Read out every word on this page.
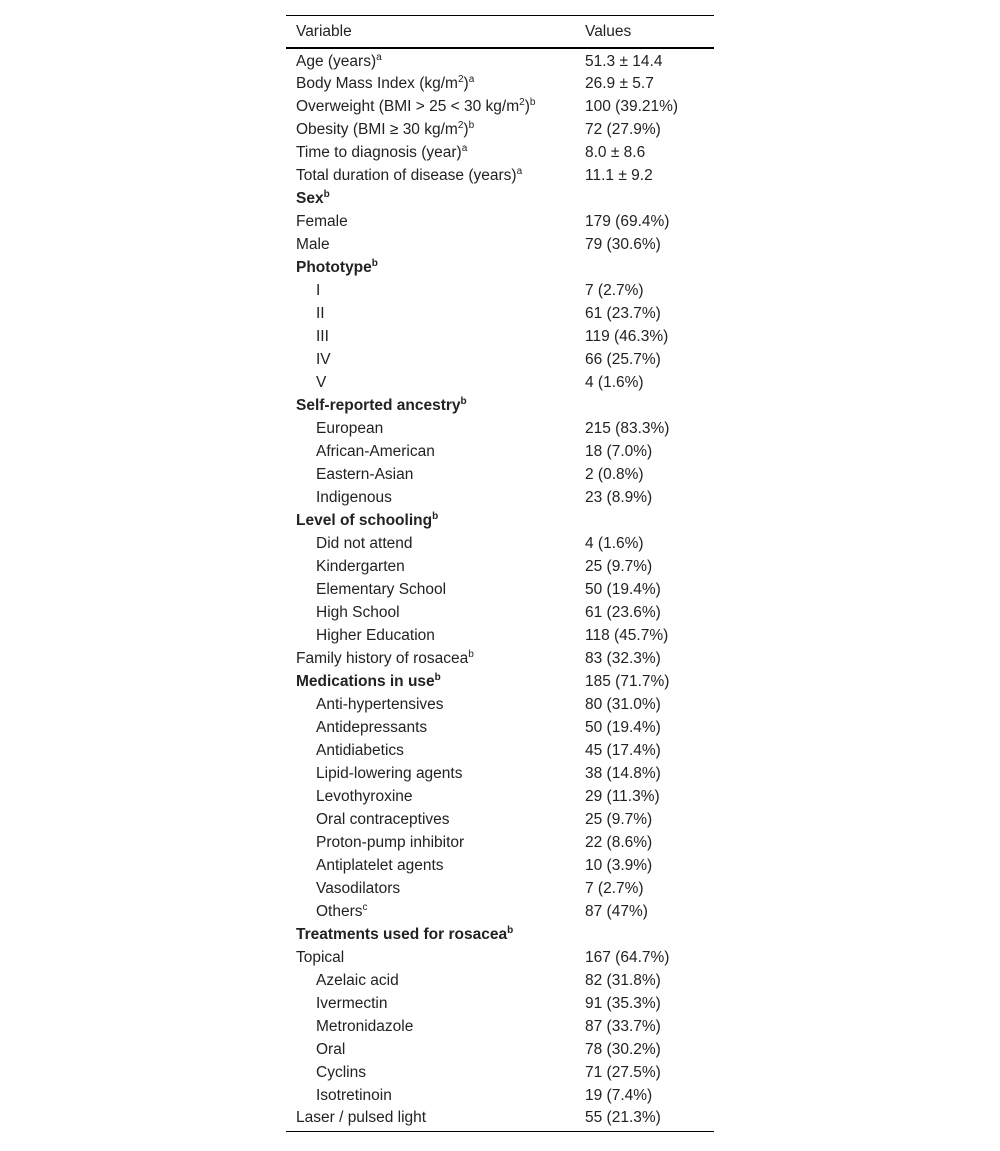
Variable	Values
Age (years)$^a$	51.3 ± 14.4
Body Mass Index $(kg/m^2)^a$	26.9 ± 5.7
Overweight (BMI > 25 < 30 $kg/m^2)^b$	100 (39.21%)
Obesity (BMI ≥ 30 $kg/m^2)^b$	72 (27.9%)
Time to diagnosis (year)$^a$	8.0 ± 8.6
Total duration of disease (years)$^a$	11.1 ± 9.2
Sex$^b$	
Female	179 (69.4%)
Male	79 (30.6%)
Phototype$^b$	
I	7 (2.7%)
II	61 (23.7%)
III	119 (46.3%)
IV	66 (25.7%)
V	4 (1.6%)
Self-reported ancestry$^b$	
European	215 (83.3%)
African-American	18 (7.0%)
Eastern-Asian	2 (0.8%)
Indigenous	23 (8.9%)
Level of schooling$^b$	
Did not attend	4 (1.6%)
Kindergarten	25 (9.7%)
Elementary School	50 (19.4%)
High School	61 (23.6%)
Higher Education	118 (45.7%)
Family history of rosacea$^b$	83 (32.3%)
Medications in use$^b$	185 (71.7%)
Anti-hypertensives	80 (31.0%)
Antidepressants	50 (19.4%)
Antidiabetics	45 (17.4%)
Lipid-lowering agents	38 (14.8%)
Levothyroxine	29 (11.3%)
Oral contraceptives	25 (9.7%)
Proton-pump inhibitor	22 (8.6%)
Antiplatelet agents	10 (3.9%)
Vasodilators	7 (2.7%)
Others$^c$	87 (47%)
Treatments used for rosacea$^b$	
Topical	167 (64.7%)
Azelaic acid	82 (31.8%)
Ivermectin	91 (35.3%)
Metronidazole	87 (33.7%)
Oral	78 (30.2%)
Cyclins	71 (27.5%)
Isotretinoin	19 (7.4%)
Laser / pulsed light	55 (21.3%)
